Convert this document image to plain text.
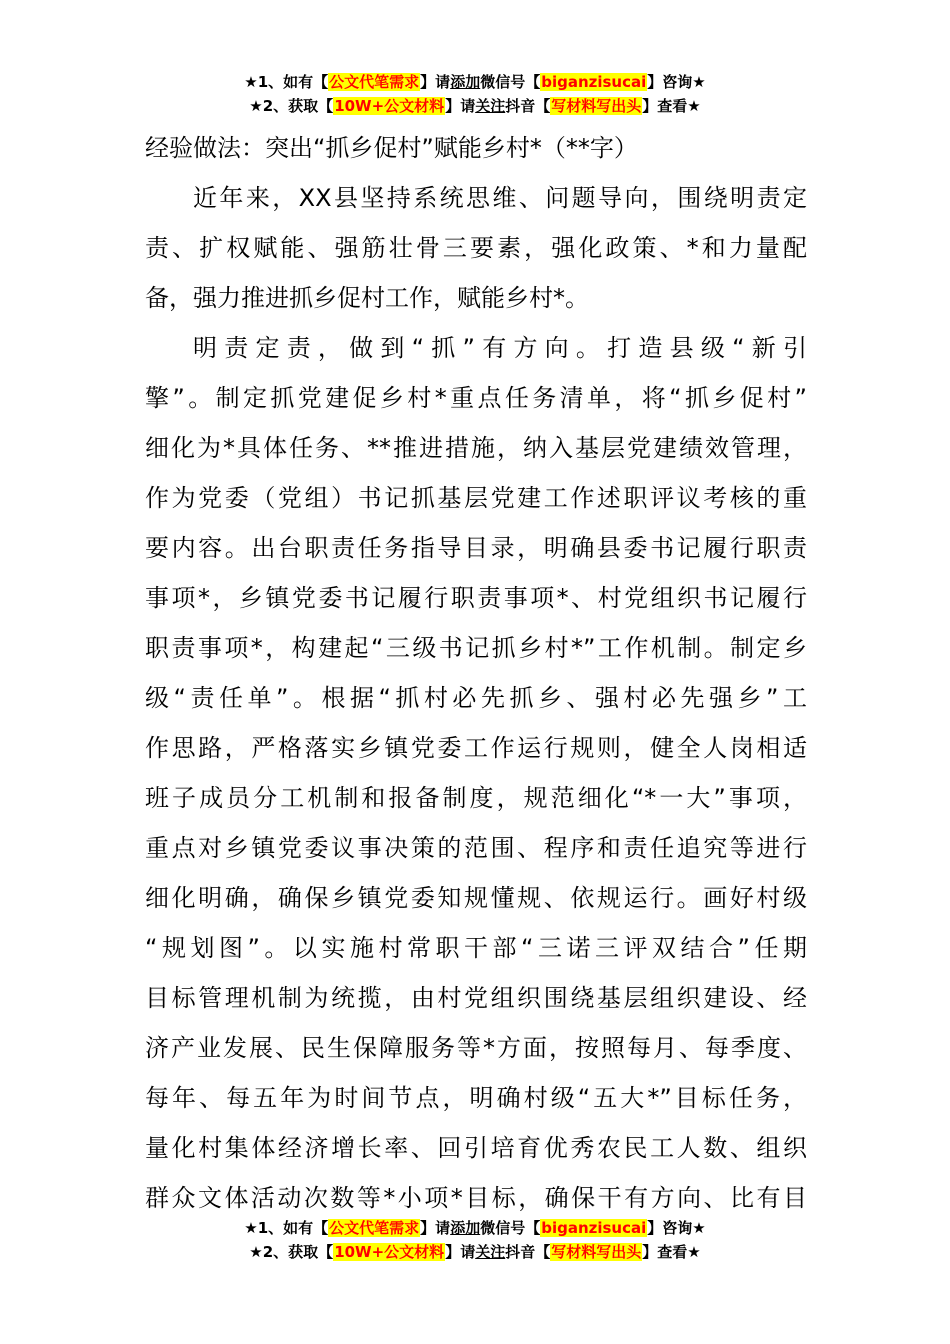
★1、如有【公文代笔需求】请添加微信号【biganzisucai】咨询★
★2、获取【10W+公文材料】请关注抖音【写材料写出头】查看★

经验做法：突出“抓乡促村”赋能乡村*（**字）

近年来，XX县坚持系统思维、问题导向，围绕明责定

责、扩权赋能、强筋壮骨三要素，强化政策、*和力量配

备，强力推进抓乡促村工作，赋能乡村*。

明责定责，做到“抓”有方向。打造县级“新引

擎”。制定抓党建促乡村*重点任务清单，将“抓乡促村”

细化为*具体任务、**推进措施，纳入基层党建绩效管理，

作为党委（党组）书记抓基层党建工作述职评议考核的重

要内容。出台职责任务指导目录，明确县委书记履行职责

事项*，乡镇党委书记履行职责事项*、村党组织书记履行

职责事项*，构建起“三级书记抓乡村*”工作机制。制定乡

级“责任单”。根据“抓村必先抓乡、强村必先强乡”工

作思路，严格落实乡镇党委工作运行规则，健全人岗相适

班子成员分工机制和报备制度，规范细化“*一大”事项，

重点对乡镇党委议事决策的范围、程序和责任追究等进行

细化明确，确保乡镇党委知规懂规、依规运行。画好村级

“规划图”。以实施村常职干部“三诺三评双结合”任期

目标管理机制为统揽，由村党组织围绕基层组织建设、经

济产业发展、民生保障服务等*方面，按照每月、每季度、

每年、每五年为时间节点，明确村级“五大*”目标任务，

量化村集体经济增长率、回引培育优秀农民工人数、组织

群众文体活动次数等*小项*目标，确保干有方向、比有目

★1、如有【公文代笔需求】请添加微信号【biganzisucai】咨询★
★2、获取【10W+公文材料】请关注抖音【写材料写出头】查看★
